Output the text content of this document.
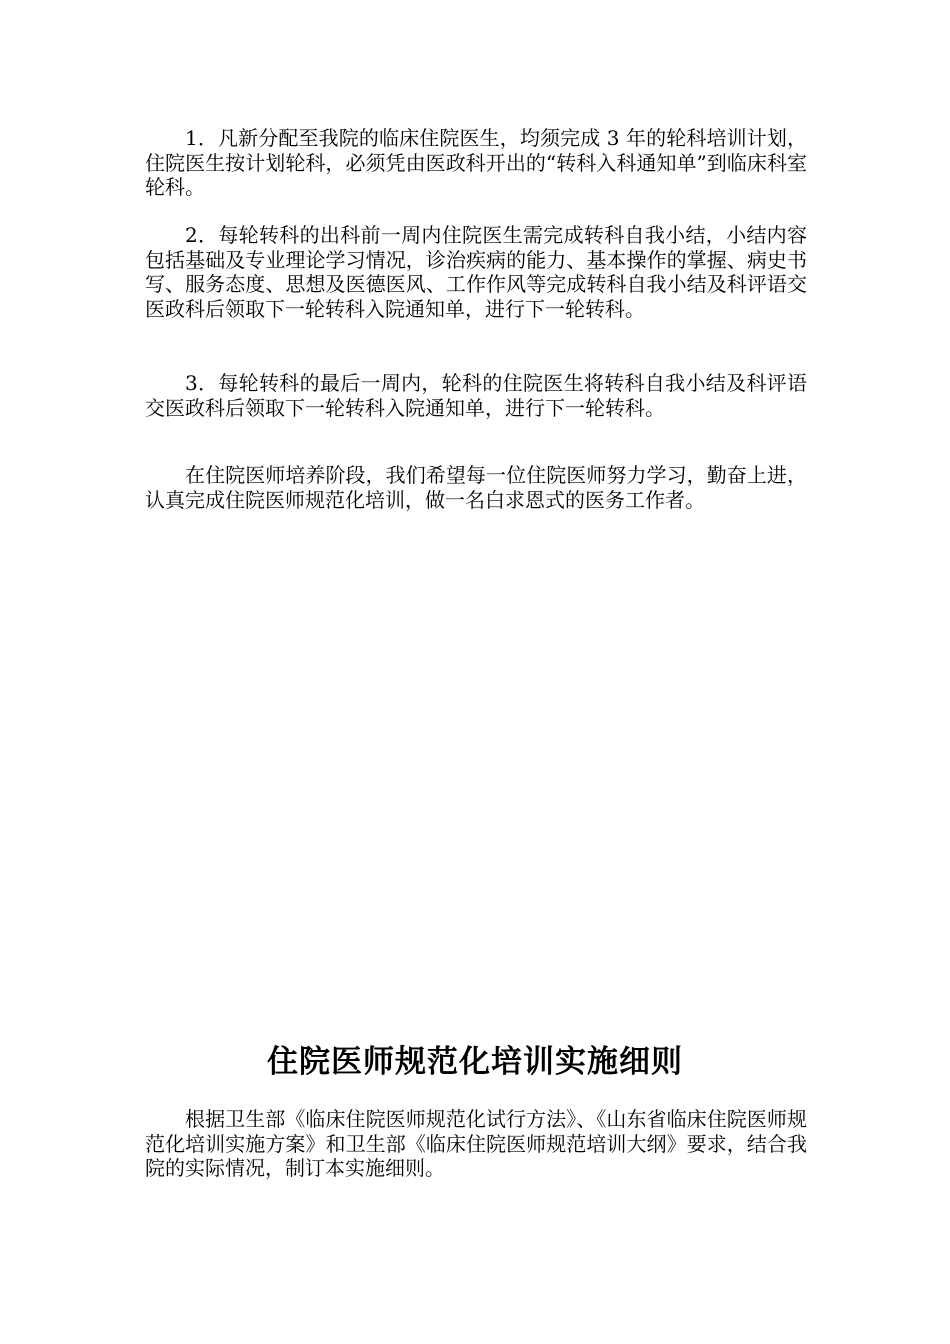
1．凡新分配至我院的临床住院医生，均须完成 3 年的轮科培训计划，住院医生按计划轮科，必须凭由医政科开出的“转科入科通知单”到临床科室轮科。

2．每轮转科的出科前一周内住院医生需完成转科自我小结，小结内容包括基础及专业理论学习情况，诊治疾病的能力、基本操作的掌握、病史书写、服务态度、思想及医德医风、工作作风等完成转科自我小结及科评语交医政科后领取下一轮转科入院通知单，进行下一轮转科。

3．每轮转科的最后一周内，轮科的住院医生将转科自我小结及科评语交医政科后领取下一轮转科入院通知单，进行下一轮转科。

在住院医师培养阶段，我们希望每一位住院医师努力学习，勤奋上进，认真完成住院医师规范化培训，做一名白求恩式的医务工作者。

住院医师规范化培训实施细则

根据卫生部《临床住院医师规范化试行方法》、《山东省临床住院医师规范化培训实施方案》和卫生部《临床住院医师规范培训大纲》要求，结合我院的实际情况，制订本实施细则。
